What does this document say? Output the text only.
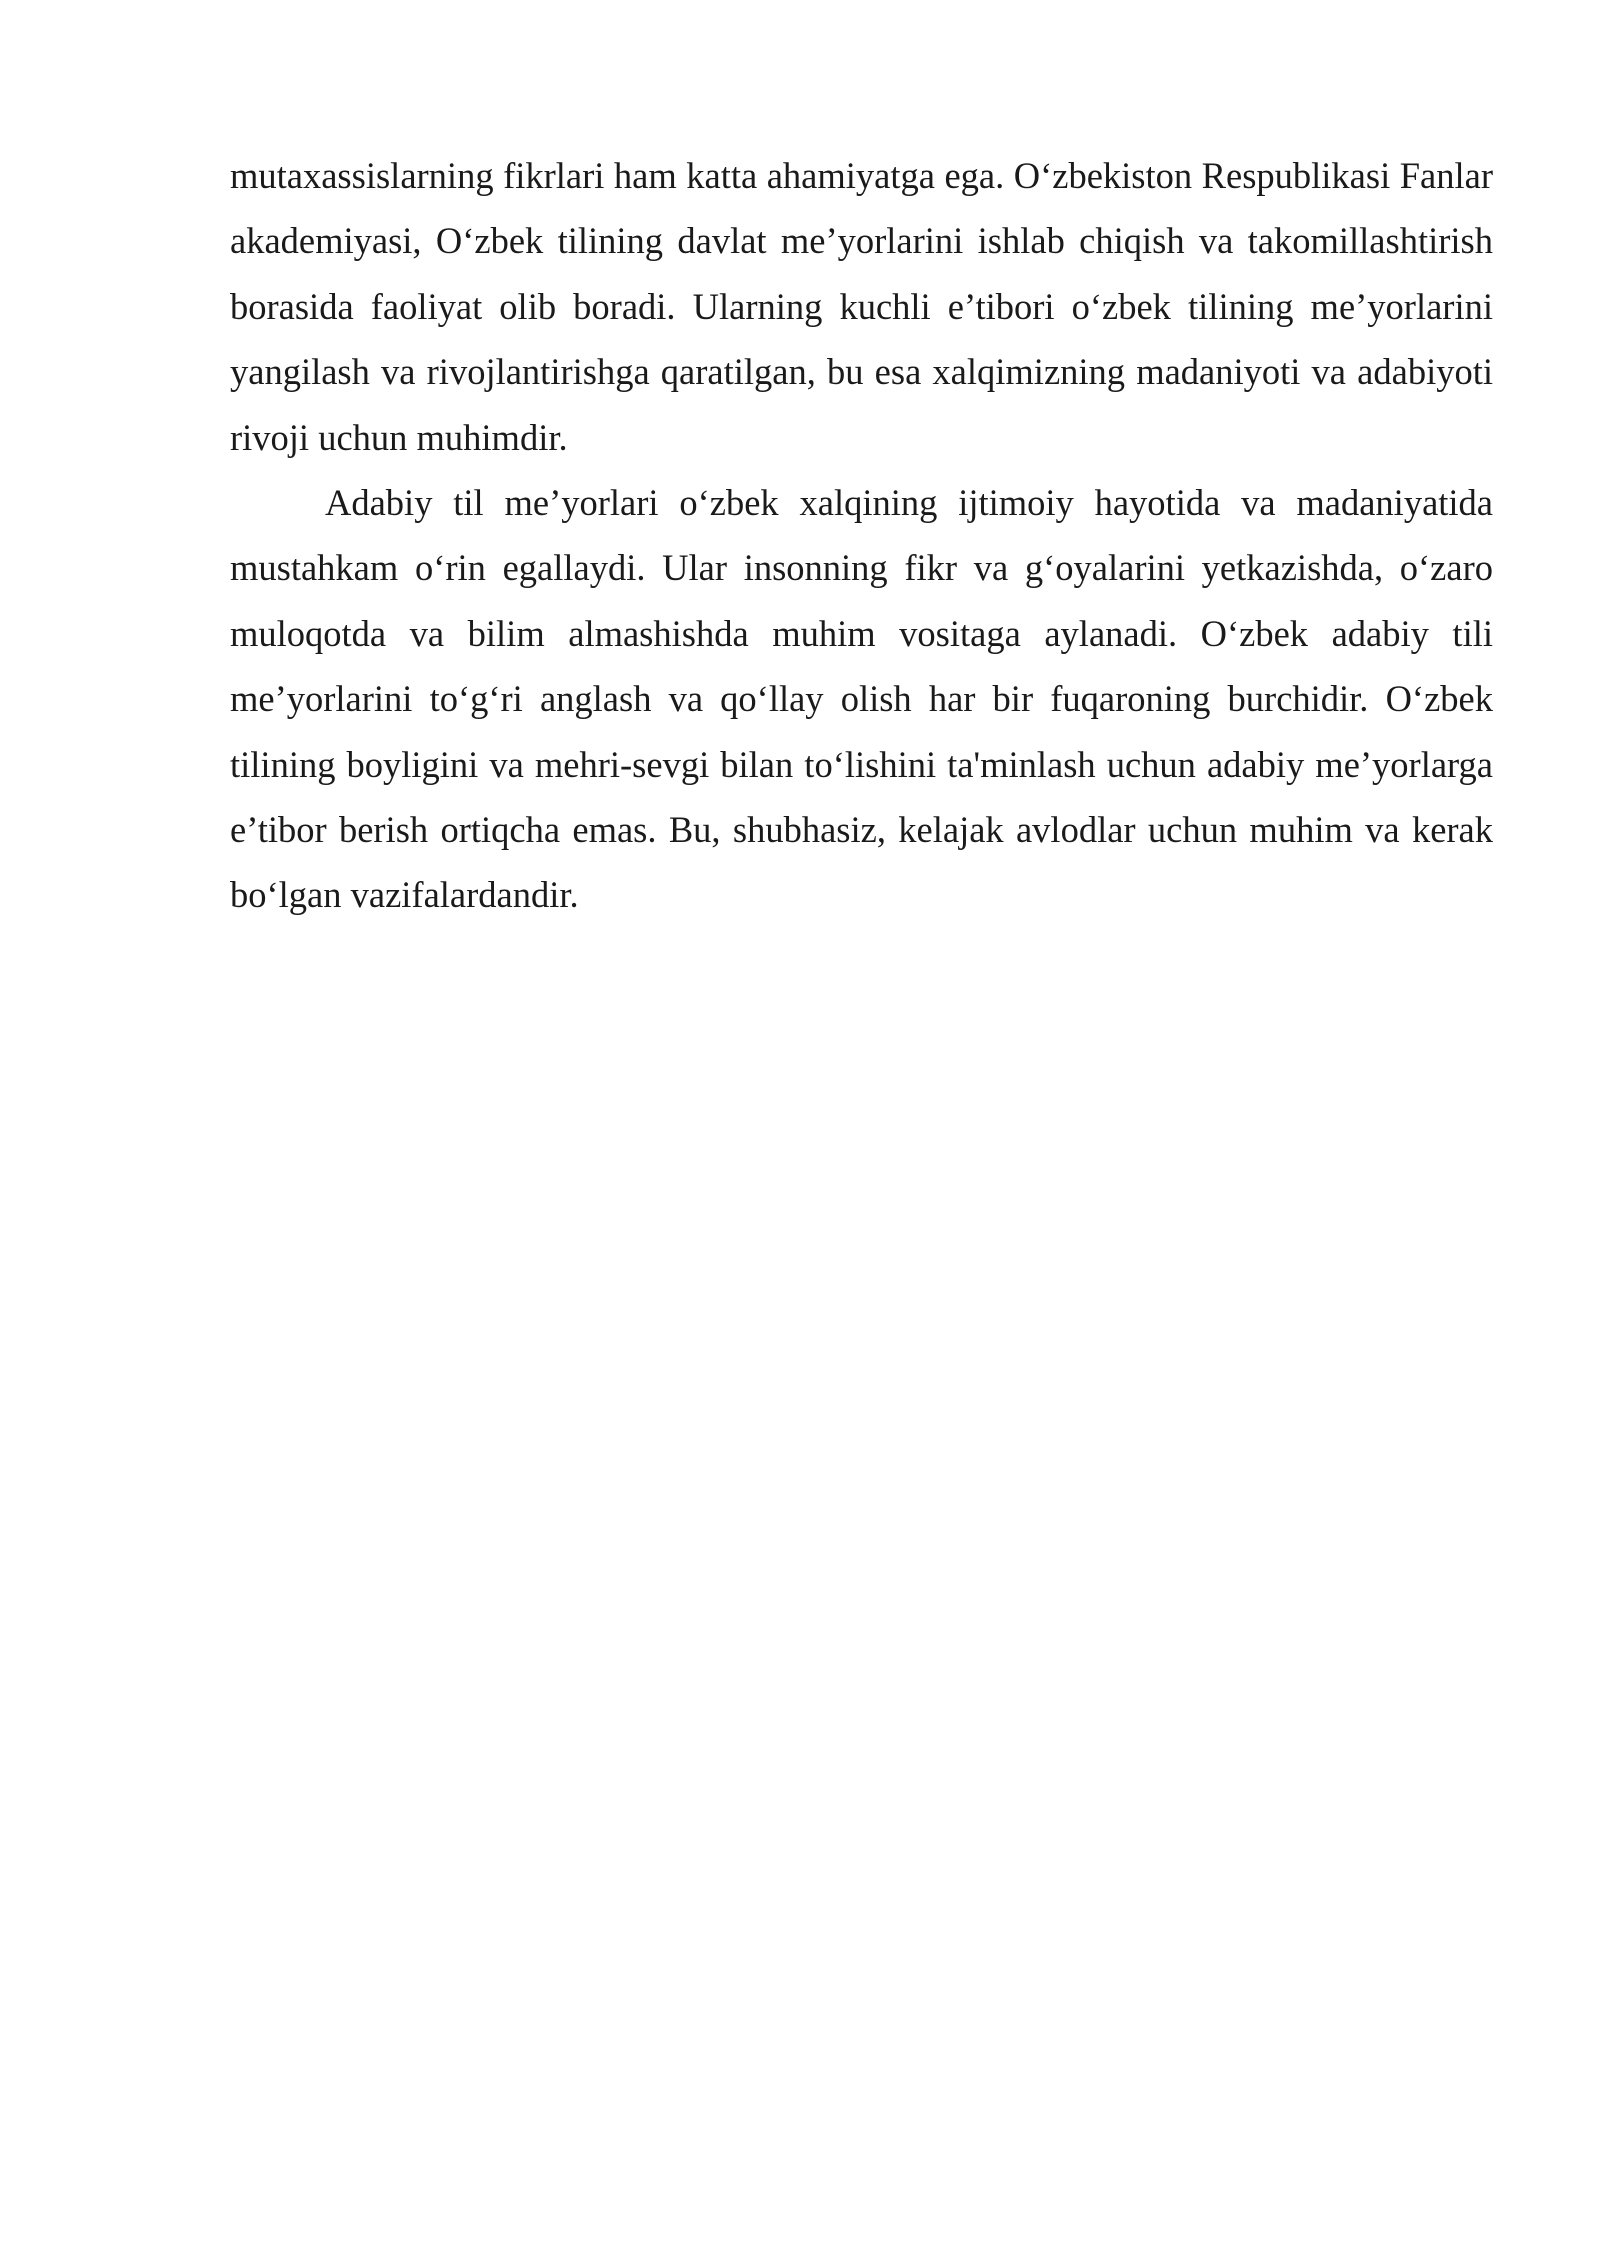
mutaxassislarning fikrlari ham katta ahamiyatga ega. O‘zbekiston Respublikasi Fanlar akademiyasi, O‘zbek tilining davlat me’yorlarini ishlab chiqish va takomillashtirish borasida faoliyat olib boradi. Ularning kuchli e’tibori o‘zbek tilining me’yorlarini yangilash va rivojlantirishga qaratilgan, bu esa xalqimizning madaniyoti va adabiyoti rivoji uchun muhimdir.

Adabiy til me’yorlari o‘zbek xalqining ijtimoiy hayotida va madaniyatida mustahkam o‘rin egallaydi. Ular insonning fikr va g‘oyalarini yetkazishda, o‘zaro muloqotda va bilim almashishda muhim vositaga aylanadi. O‘zbek adabiy tili me’yorlarini to‘g‘ri anglash va qo‘llay olish har bir fuqaroning burchidir. O‘zbek tilining boyligini va mehri-sevgi bilan to‘lishini ta'minlash uchun adabiy me’yorlarga e’tibor berish ortiqcha emas. Bu, shubhasiz, kelajak avlodlar uchun muhim va kerak bo‘lgan vazifalardandir.
